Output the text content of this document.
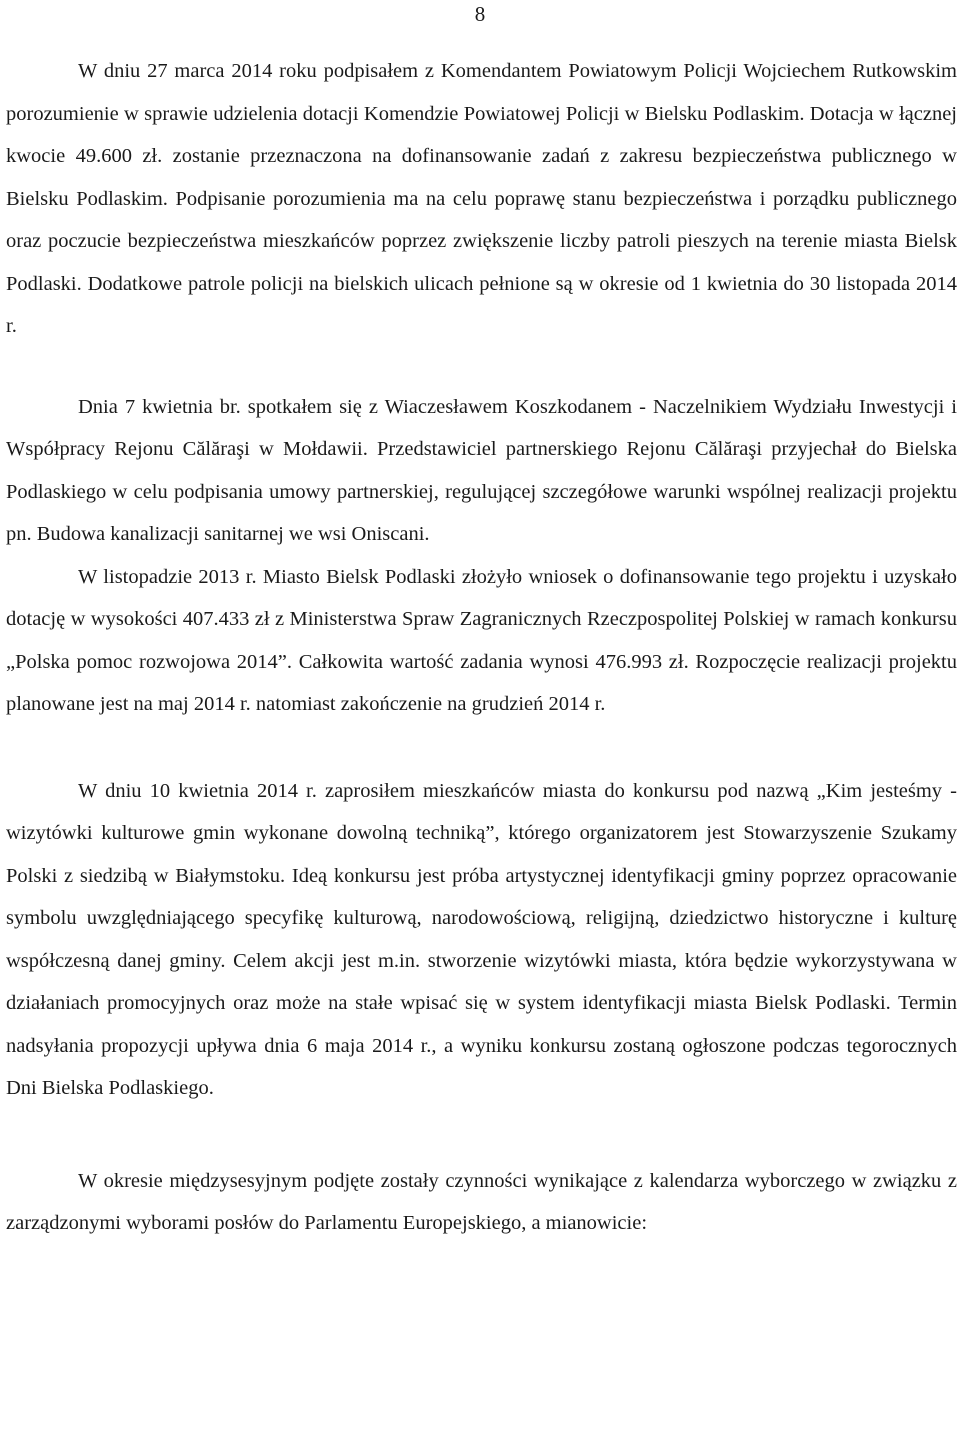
8

W dniu 27 marca 2014 roku podpisałem z Komendantem Powiatowym Policji Wojciechem Rutkowskim porozumienie w sprawie udzielenia dotacji Komendzie Powiatowej Policji w Bielsku Podlaskim. Dotacja w łącznej kwocie 49.600 zł. zostanie przeznaczona na dofinansowanie zadań z zakresu bezpieczeństwa publicznego w Bielsku Podlaskim. Podpisanie porozumienia ma na celu poprawę stanu bezpieczeństwa i porządku publicznego oraz poczucie bezpieczeństwa mieszkańców poprzez zwiększenie liczby patroli pieszych na terenie miasta Bielsk Podlaski. Dodatkowe patrole policji na bielskich ulicach pełnione są w okresie od 1 kwietnia do 30 listopada 2014 r.

Dnia 7 kwietnia br. spotkałem się z Wiaczesławem Koszkodanem - Naczelnikiem Wydziału Inwestycji i Współpracy Rejonu Călăraşi w Mołdawii. Przedstawiciel partnerskiego Rejonu Călăraşi przyjechał do Bielska Podlaskiego w celu podpisania umowy partnerskiej, regulującej szczegółowe warunki wspólnej realizacji projektu pn. Budowa kanalizacji sanitarnej we wsi Oniscani.

W listopadzie 2013 r. Miasto Bielsk Podlaski złożyło wniosek o dofinansowanie tego projektu i uzyskało dotację w wysokości 407.433 zł z Ministerstwa Spraw Zagranicznych Rzeczpospolitej Polskiej w ramach konkursu „Polska pomoc rozwojowa 2014”. Całkowita wartość zadania wynosi 476.993 zł. Rozpoczęcie realizacji projektu planowane jest na maj 2014 r. natomiast zakończenie na grudzień 2014 r.

W dniu 10 kwietnia 2014 r. zaprosiłem mieszkańców miasta do konkursu pod nazwą „Kim jesteśmy - wizytówki kulturowe gmin wykonane dowolną techniką”, którego organizatorem jest Stowarzyszenie Szukamy Polski z siedzibą w Białymstoku. Ideą konkursu jest próba artystycznej identyfikacji gminy poprzez opracowanie symbolu uwzględniającego specyfikę kulturową, narodowościową, religijną, dziedzictwo historyczne i kulturę współczesną danej gminy. Celem akcji jest m.in. stworzenie wizytówki miasta, która będzie wykorzystywana w działaniach promocyjnych oraz może na stałe wpisać się w system identyfikacji miasta Bielsk Podlaski. Termin nadsyłania propozycji upływa dnia 6 maja 2014 r., a wyniku konkursu zostaną ogłoszone podczas tegorocznych Dni Bielska Podlaskiego.

W okresie międzysesyjnym podjęte zostały czynności wynikające z kalendarza wyborczego w związku z zarządzonymi wyborami posłów do Parlamentu Europejskiego, a mianowicie:
